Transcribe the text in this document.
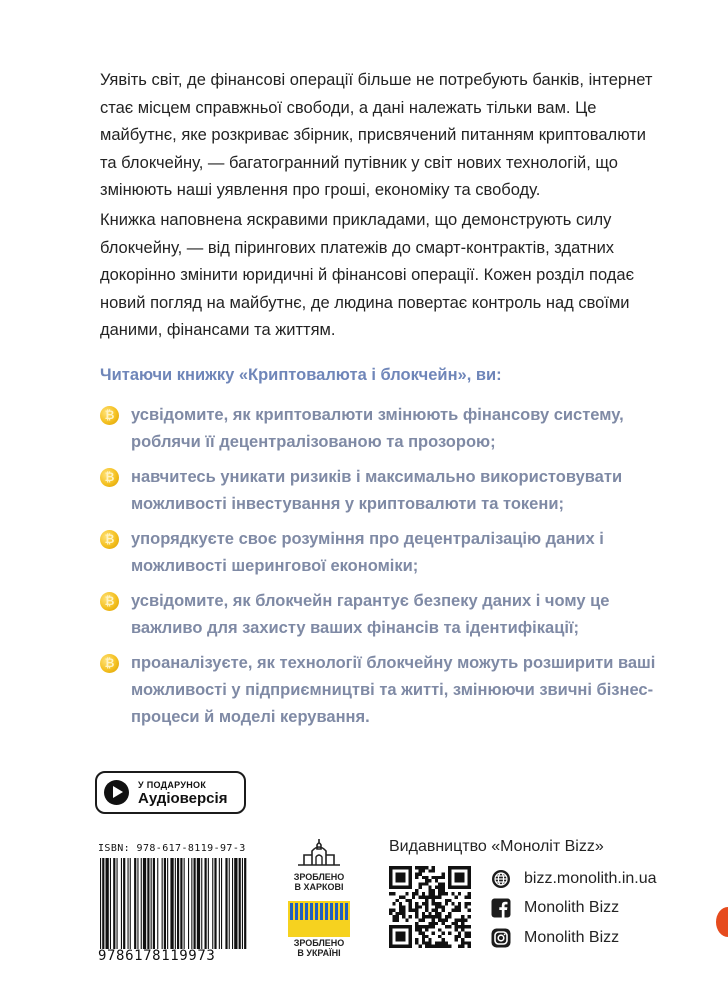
Уявіть світ, де фінансові операції більше не потребують банків, інтернет стає місцем справжньої свободи, а дані належать тільки вам. Це майбутнє, яке розкриває збірник, присвячений питанням криптовалюти та блокчейну, — багатогранний путівник у світ нових технологій, що змінюють наші уявлення про гроші, економіку та свободу.

Книжка наповнена яскравими прикладами, що демонструють силу блокчейну, — від пірингових платежів до смарт-контрактів, здатних докорінно змінити юридичні й фінансові операції. Кожен розділ подає новий погляд на майбутнє, де людина повертає контроль над своїми даними, фінансами та життям.

Читаючи книжку «Криптовалюта і блокчейн», ви:

₿ усвідомите, як криптовалюти змінюють фінансову систему, роблячи її децентралізованою та прозорою;
₿ навчитесь уникати ризиків і максимально використовувати можливості інвестування у криптовалюти та токени;
₿ упорядкуєте своє розуміння про децентралізацію даних і можливості шерингової економіки;
₿ усвідомите, як блокчейн гарантує безпеку даних і чому це важливо для захисту ваших фінансів та ідентифікації;
₿ проаналізуєте, як технології блокчейну можуть розширити ваші можливості у підприємництві та житті, змінюючи звичні бізнес-процеси й моделі керування.
У ПОДАРУНОК
Аудіоверсія
ISBN: 978-617-8119-97-3
9786178119973
ЗРОБЛЕНО
В ХАРКОВІ
ЗРОБЛЕНО
В УКРАЇНІ
Видавництво «Моноліт Bizz»
bizz.monolith.in.ua
Monolith Bizz
Monolith Bizz
